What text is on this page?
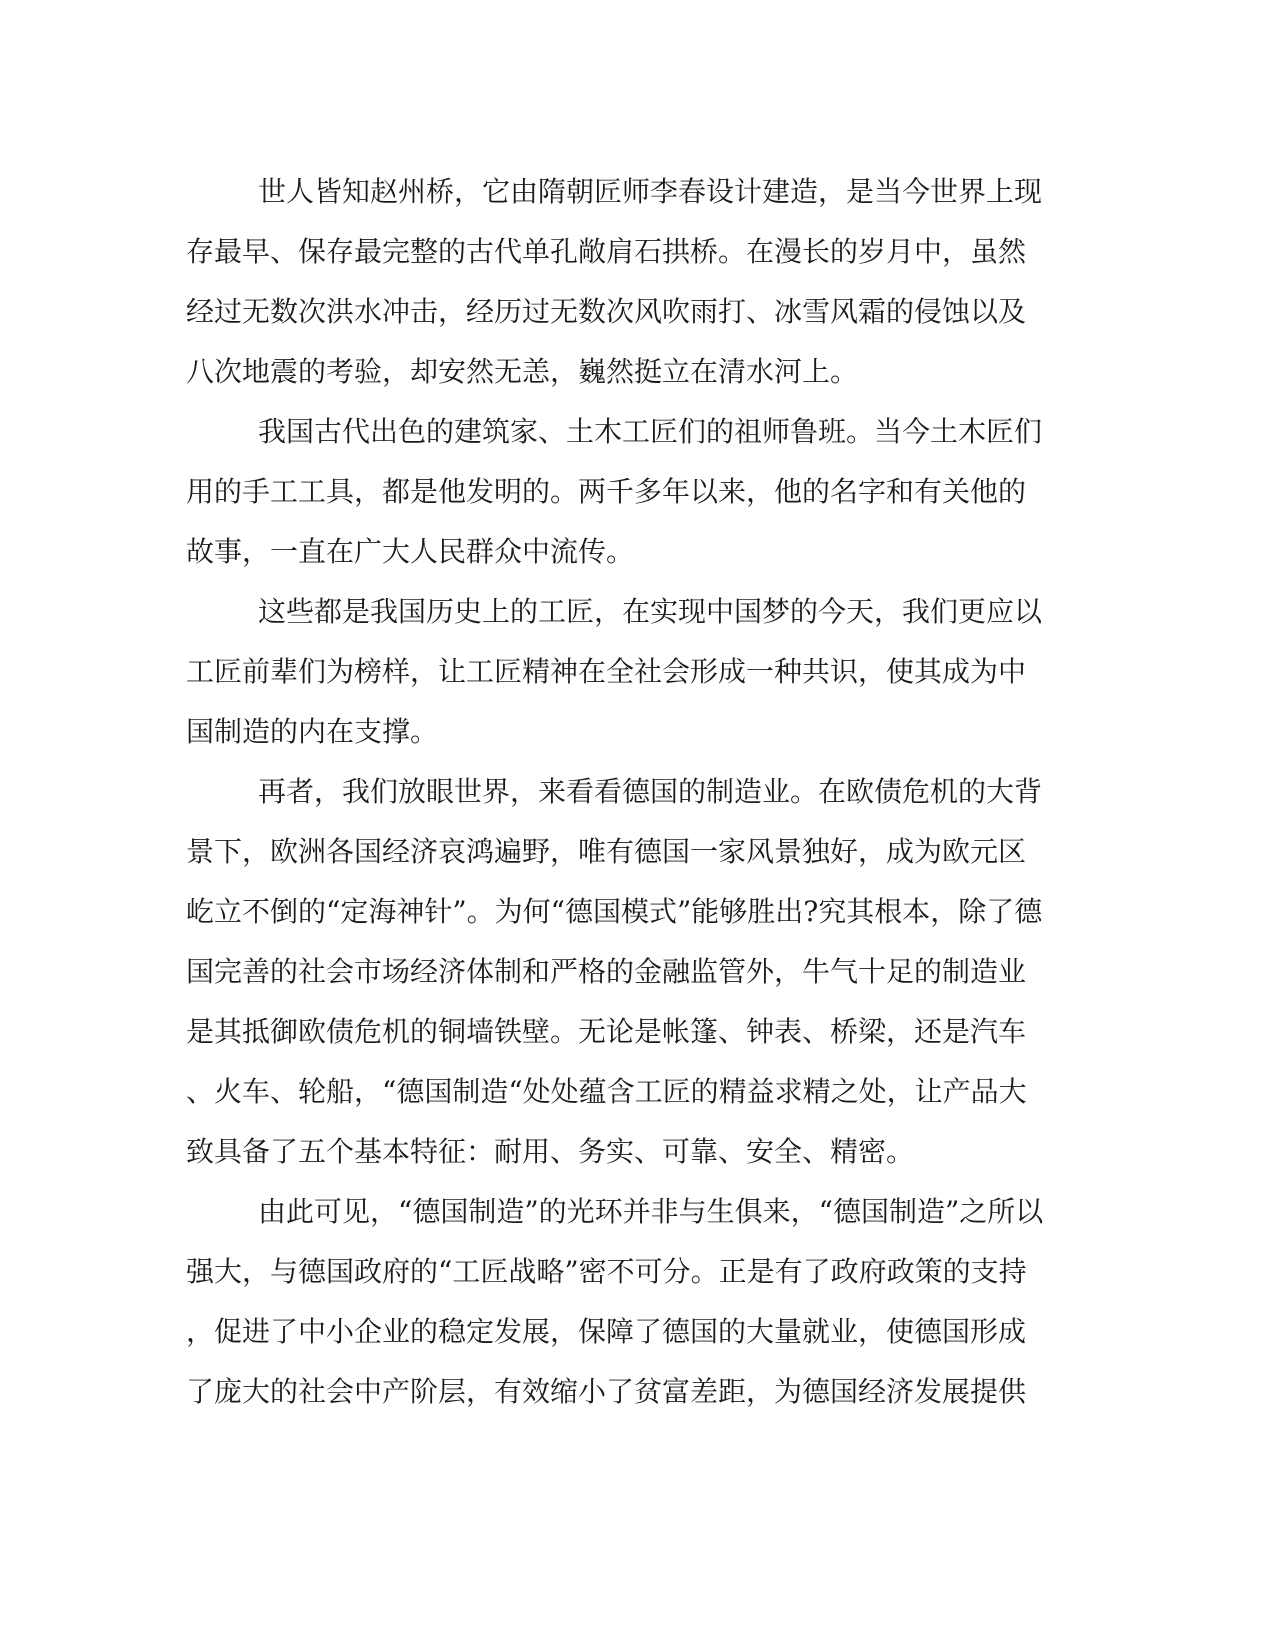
世人皆知赵州桥，它由隋朝匠师李春设计建造，是当今世界上现
存最早、保存最完整的古代单孔敞肩石拱桥。在漫长的岁月中，虽然
经过无数次洪水冲击，经历过无数次风吹雨打、冰雪风霜的侵蚀以及
八次地震的考验，却安然无恙，巍然挺立在清水河上。
我国古代出色的建筑家、土木工匠们的祖师鲁班。当今土木匠们
用的手工工具，都是他发明的。两千多年以来，他的名字和有关他的
故事，一直在广大人民群众中流传。
这些都是我国历史上的工匠，在实现中国梦的今天，我们更应以
工匠前辈们为榜样，让工匠精神在全社会形成一种共识，使其成为中
国制造的内在支撑。
再者，我们放眼世界，来看看德国的制造业。在欧债危机的大背
景下，欧洲各国经济哀鸿遍野，唯有德国一家风景独好，成为欧元区
屹立不倒的“定海神针”。为何“德国模式”能够胜出?究其根本，除了德
国完善的社会市场经济体制和严格的金融监管外，牛气十足的制造业
是其抵御欧债危机的铜墙铁壁。无论是帐篷、钟表、桥梁，还是汽车
、火车、轮船，“德国制造“处处蕴含工匠的精益求精之处，让产品大
致具备了五个基本特征：耐用、务实、可靠、安全、精密。
由此可见，“德国制造”的光环并非与生俱来，“德国制造”之所以
强大，与德国政府的“工匠战略”密不可分。正是有了政府政策的支持
，促进了中小企业的稳定发展，保障了德国的大量就业，使德国形成
了庞大的社会中产阶层，有效缩小了贫富差距，为德国经济发展提供
